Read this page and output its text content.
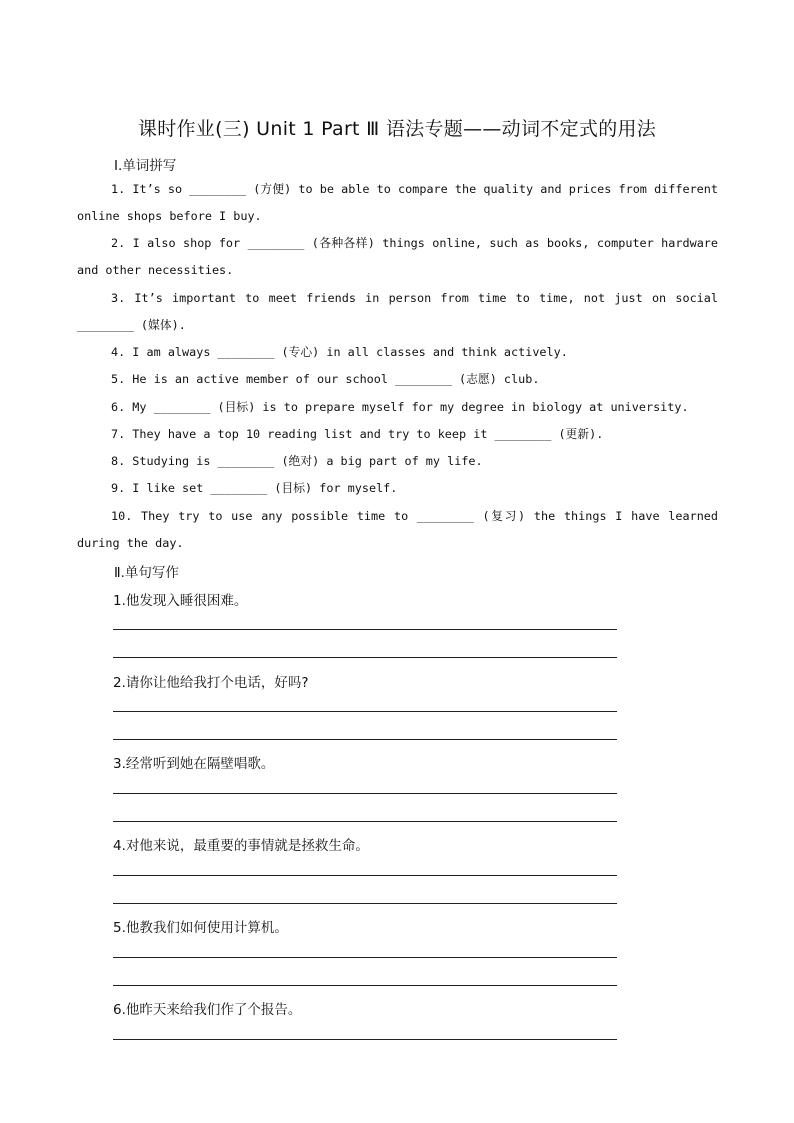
课时作业(三) Unit 1 Part Ⅲ 语法专题——动词不定式的用法
Ⅰ.单词拼写
1. It’s so ________ (方便) to be able to compare the quality and prices from different online shops before I buy.
2. I also shop for ________ (各种各样) things online, such as books, computer hardware and other necessities.
3. It’s important to meet friends in person from time to time, not just on social ________ (媒体).
4. I am always ________ (专心) in all classes and think actively.
5. He is an active member of our school ________ (志愿) club.
6. My ________ (目标) is to prepare myself for my degree in biology at university.
7. They have a top 10 reading list and try to keep it ________ (更新).
8. Studying is ________ (绝对) a big part of my life.
9. I like set ________ (目标) for myself.
10. They try to use any possible time to ________ (复习) the things I have learned during the day.
Ⅱ.单句写作
1.他发现入睡很困难。
2.请你让他给我打个电话，好吗?
3.经常听到她在隔壁唱歌。
4.对他来说，最重要的事情就是拯救生命。
5.他教我们如何使用计算机。
6.他昨天来给我们作了个报告。
